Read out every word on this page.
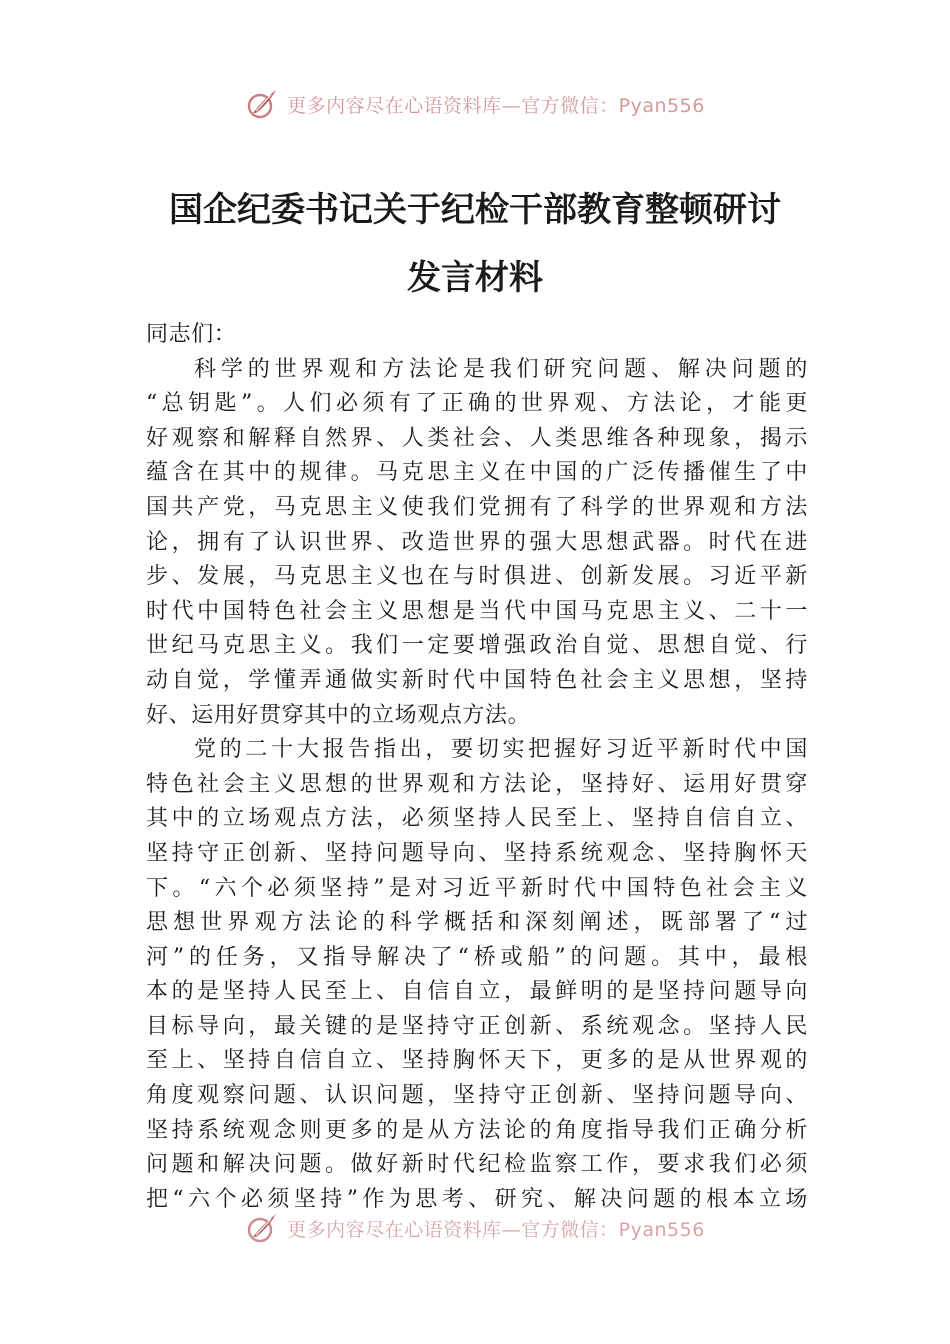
更多内容尽在心语资料库—官方微信：Pyan556
国企纪委书记关于纪检干部教育整顿研讨
发言材料
同志们：
科学的世界观和方法论是我们研究问题、解决问题的
“总钥匙”。人们必须有了正确的世界观、方法论，才能更
好观察和解释自然界、人类社会、人类思维各种现象，揭示
蕴含在其中的规律。马克思主义在中国的广泛传播催生了中
国共产党，马克思主义使我们党拥有了科学的世界观和方法
论，拥有了认识世界、改造世界的强大思想武器。时代在进
步、发展，马克思主义也在与时俱进、创新发展。习近平新
时代中国特色社会主义思想是当代中国马克思主义、二十一
世纪马克思主义。我们一定要增强政治自觉、思想自觉、行
动自觉，学懂弄通做实新时代中国特色社会主义思想，坚持
好、运用好贯穿其中的立场观点方法。
党的二十大报告指出，要切实把握好习近平新时代中国
特色社会主义思想的世界观和方法论，坚持好、运用好贯穿
其中的立场观点方法，必须坚持人民至上、坚持自信自立、
坚持守正创新、坚持问题导向、坚持系统观念、坚持胸怀天
下。“六个必须坚持”是对习近平新时代中国特色社会主义
思想世界观方法论的科学概括和深刻阐述，既部署了“过
河”的任务，又指导解决了“桥或船”的问题。其中，最根
本的是坚持人民至上、自信自立，最鲜明的是坚持问题导向
目标导向，最关键的是坚持守正创新、系统观念。坚持人民
至上、坚持自信自立、坚持胸怀天下，更多的是从世界观的
角度观察问题、认识问题，坚持守正创新、坚持问题导向、
坚持系统观念则更多的是从方法论的角度指导我们正确分析
问题和解决问题。做好新时代纪检监察工作，要求我们必须
把“六个必须坚持”作为思考、研究、解决问题的根本立场
更多内容尽在心语资料库—官方微信：Pyan556
